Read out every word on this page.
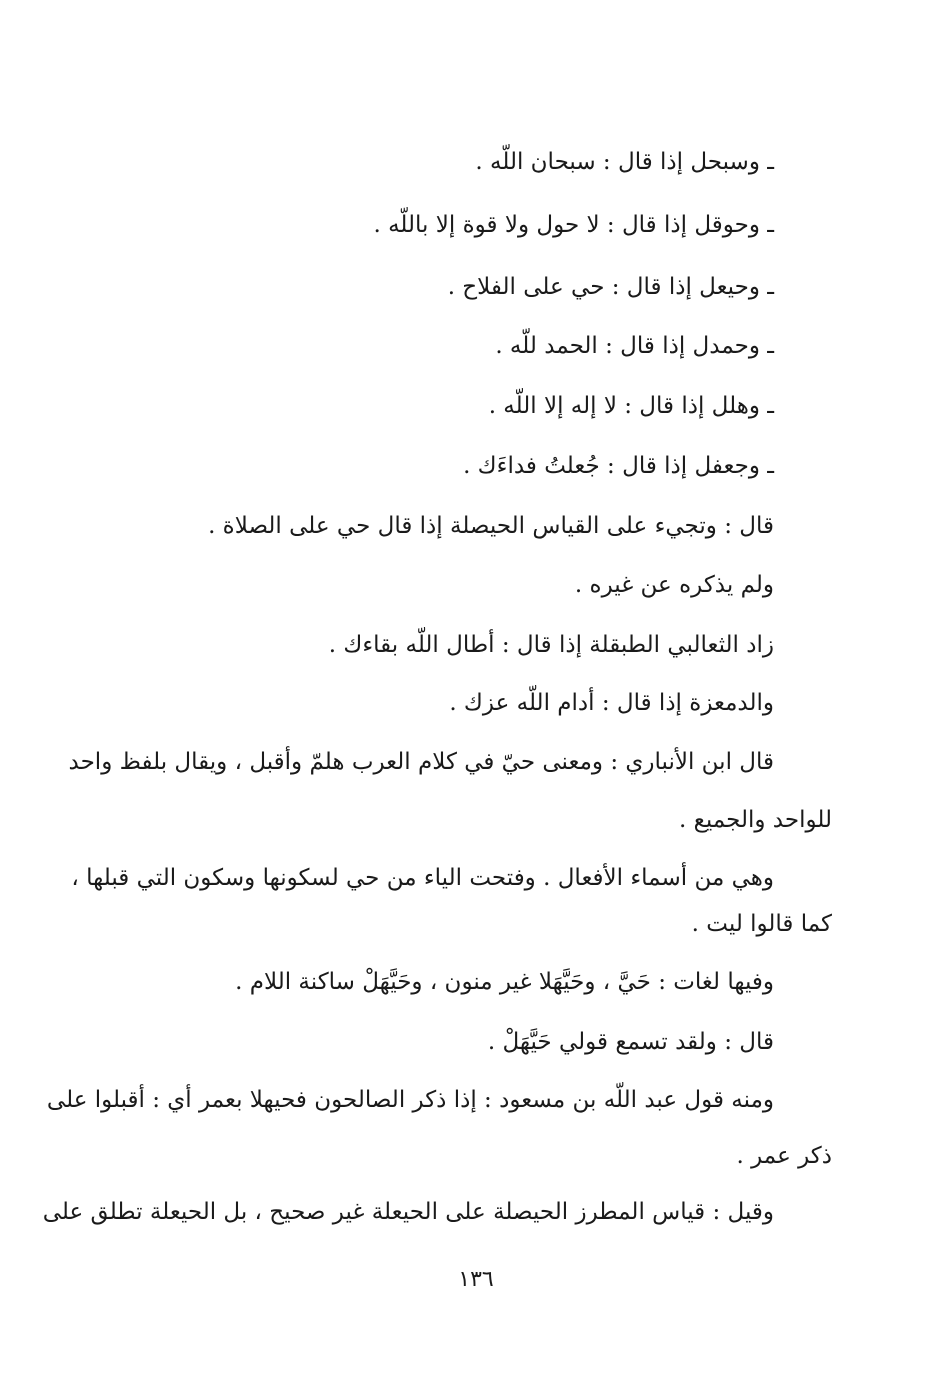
ـ وسبحل إذا قال : سبحان اللّه .
ـ وحوقل إذا قال : لا حول ولا قوة إلا باللّه .
ـ وحيعل إذا قال : حي على الفلاح .
ـ وحمدل إذا قال : الحمد للّه .
ـ وهلل إذا قال : لا إله إلا اللّه .
ـ وجعفل إذا قال : جُعلتُ فداءَك .
قال : وتجيء على القياس الحيصلة إذا قال حي على الصلاة .
ولم يذكره عن غيره .
زاد الثعالبي الطبقلة إذا قال : أطال اللّه بقاءك .
والدمعزة إذا قال : أدام اللّه عزك .
قال ابن الأنباري : ومعنى حيّ في كلام العرب هلمّ وأقبل ، ويقال بلفظ واحد
للواحد والجميع .
وهي من أسماء الأفعال . وفتحت الياء من حي لسكونها وسكون التي قبلها ،
كما قالوا ليت .
وفيها لغات : حَيَّ ، وحَيَّهَلا غير منون ، وحَيَّهَلْ ساكنة اللام .
قال : ولقد تسمع قولي حَيَّهَلْ .
ومنه قول عبد اللّه بن مسعود : إذا ذكر الصالحون فحيهلا بعمر أي : أقبلوا على
ذكر عمر .
وقيل : قياس المطرز الحيصلة على الحيعلة غير صحيح ، بل الحيعلة تطلق على
١٣٦
